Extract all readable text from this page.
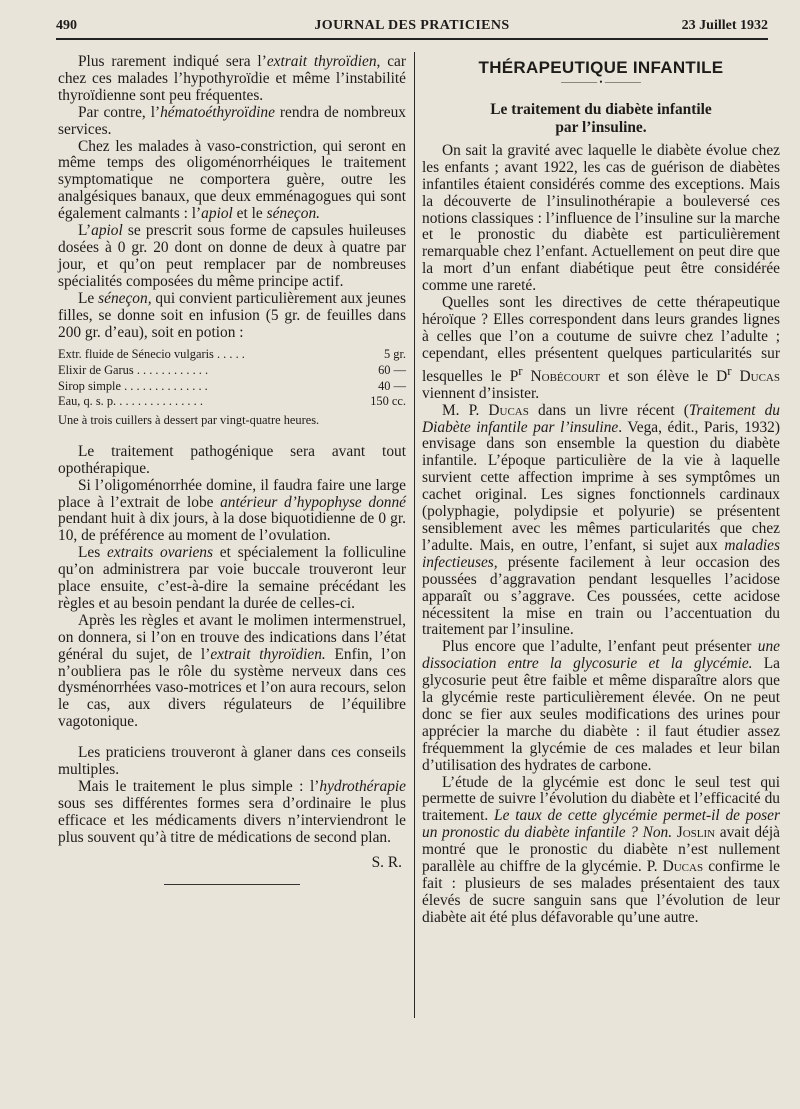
490	JOURNAL DES PRATICIENS	23 Juillet 1932

Plus rarement indiqué sera l’extrait thyroïdien, car chez ces malades l’hypothyroïdie et même l’instabilité thyroïdienne sont peu fréquentes.

Par contre, l’hématoéthyroïdine rendra de nombreux services.

Chez les malades à vaso-constriction, qui seront en même temps des oligoménorrhéiques le traitement symptomatique ne comportera guère, outre les analgésiques banaux, que deux emménagogues qui sont également calmants : l’apiol et le séneçon.

L’apiol se prescrit sous forme de capsules huileuses dosées à 0 gr. 20 dont on donne de deux à quatre par jour, et qu’on peut remplacer par de nombreuses spécialités composées du même principe actif.

Le séneçon, qui convient particulièrement aux jeunes filles, se donne soit en infusion (5 gr. de feuilles dans 200 gr. d’eau), soit en potion :

Extr. fluide de Sénecio vulgaris . . . . .	5 gr.
Elixir de Garus . . . . . . . . . . . .	60 —
Sirop simple . . . . . . . . . . . . . .	40 —
Eau, q. s. p. . . . . . . . . . . . . . .	150 cc.

Une à trois cuillers à dessert par vingt-quatre heures.

Le traitement pathogénique sera avant tout opothérapique.

Si l’oligoménorrhée domine, il faudra faire une large place à l’extrait de lobe antérieur d’hypophyse donné pendant huit à dix jours, à la dose biquotidienne de 0 gr. 10, de préférence au moment de l’ovulation.

Les extraits ovariens et spécialement la folliculine qu’on administrera par voie buccale trouveront leur place ensuite, c’est-à-dire la semaine précédant les règles et au besoin pendant la durée de celles-ci.

Après les règles et avant le molimen intermenstruel, on donnera, si l’on en trouve des indications dans l’état général du sujet, de l’extrait thyroïdien. Enfin, l’on n’oubliera pas le rôle du système nerveux dans ces dysménorrhées vaso-motrices et l’on aura recours, selon le cas, aux divers régulateurs de l’équilibre vagotonique.

Les praticiens trouveront à glaner dans ces conseils multiples.

Mais le traitement le plus simple : l’hydrothérapie sous ses différentes formes sera d’ordinaire le plus efficace et les médicaments divers n’interviendront le plus souvent qu’à titre de médications de second plan.

S. R.
THÉRAPEUTIQUE INFANTILE
———— • ————
Le traitement du diabète infantile
par l’insuline.

On sait la gravité avec laquelle le diabète évolue chez les enfants ; avant 1922, les cas de guérison de diabètes infantiles étaient considérés comme des exceptions. Mais la découverte de l’insulinothérapie a bouleversé ces notions classiques : l’influence de l’insuline sur la marche et le pronostic du diabète est particulièrement remarquable chez l’enfant. Actuellement on peut dire que la mort d’un enfant diabétique peut être considérée comme une rareté.

Quelles sont les directives de cette thérapeutique héroïque ? Elles correspondent dans leurs grandes lignes à celles que l’on a coutume de suivre chez l’adulte ; cependant, elles présentent quelques particularités sur lesquelles le $P^r$ Nobécourt et son élève le $D^r$ Ducas viennent d’insister.

M. P. Ducas dans un livre récent (Traitement du Diabète infantile par l’insuline. Vega, édit., Paris, 1932) envisage dans son ensemble la question du diabète infantile. L’époque particulière de la vie à laquelle survient cette affection imprime à ses symptômes un cachet original. Les signes fonctionnels cardinaux (polyphagie, polydipsie et polyurie) se présentent sensiblement avec les mêmes particularités que chez l’adulte. Mais, en outre, l’enfant, si sujet aux maladies infectieuses, présente facilement à leur occasion des poussées d’aggravation pendant lesquelles l’acidose apparaît ou s’aggrave. Ces poussées, cette acidose nécessitent la mise en train ou l’accentuation du traitement par l’insuline.

Plus encore que l’adulte, l’enfant peut présenter une dissociation entre la glycosurie et la glycémie. La glycosurie peut être faible et même disparaître alors que la glycémie reste particulièrement élevée. On ne peut donc se fier aux seules modifications des urines pour apprécier la marche du diabète : il faut étudier assez fréquemment la glycémie de ces malades et leur bilan d’utilisation des hydrates de carbone.

L’étude de la glycémie est donc le seul test qui permette de suivre l’évolution du diabète et l’efficacité du traitement. Le taux de cette glycémie permet-il de poser un pronostic du diabète infantile ? Non. Joslin avait déjà montré que le pronostic du diabète n’est nullement parallèle au chiffre de la glycémie. P. Ducas confirme le fait : plusieurs de ses malades présentaient des taux élevés de sucre sanguin sans que l’évolution de leur diabète ait été plus défavorable qu’une autre.
